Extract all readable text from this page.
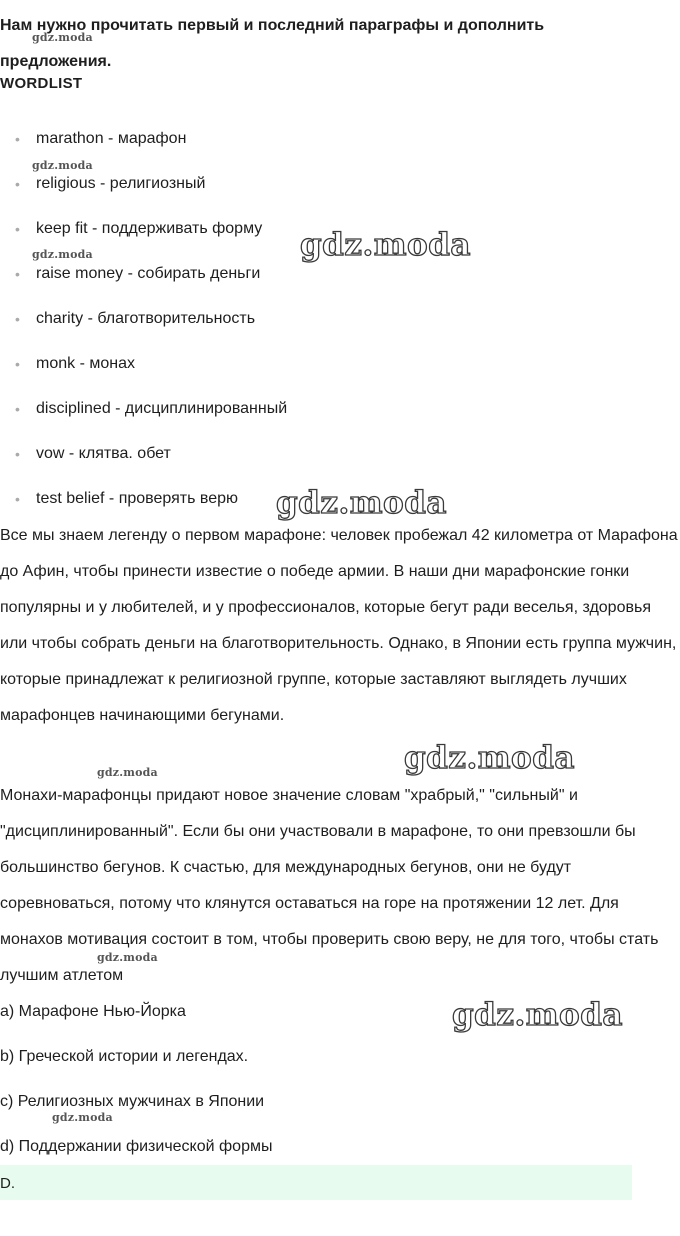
Нам нужно прочитать первый и последний параграфы и дополнить предложения.
WORDLIST
• marathon - марафон
• religious - религиозный
• keep fit - поддерживать форму
• raise money - собирать деньги
• charity - благотворительность
• monk - монах
• disciplined - дисциплинированный
• vow - клятва. обет
• test belief - проверять верю
Все мы знаем легенду о первом марафоне: человек пробежал 42 километра от Марафона до Афин, чтобы принести известие о победе армии. В наши дни марафонские гонки популярны и у любителей, и у профессионалов, которые бегут ради веселья, здоровья или чтобы собрать деньги на благотворительность. Однако, в Японии есть группа мужчин, которые принадлежат к религиозной группе, которые заставляют выглядеть лучших марафонцев начинающими бегунами.
Монахи-марафонцы придают новое значение словам "храбрый," "сильный" и "дисциплинированный". Если бы они участвовали в марафоне, то они превзошли бы большинство бегунов. К счастью, для международных бегунов, они не будут соревноваться, потому что клянутся оставаться на горе на протяжении 12 лет. Для монахов мотивация состоит в том, чтобы проверить свою веру, не для того, чтобы стать лучшим атлетом
a) Марафоне Нью-Йорка
b) Греческой истории и легендах.
c) Религиозных мужчинах в Японии
d) Поддержании физической формы
D.
gdz.moda
gdz.moda
gdz.moda
gdz.moda
gdz.moda
gdz.moda
gdz.moda
gdz.moda
gdz.moda
gdz.moda
